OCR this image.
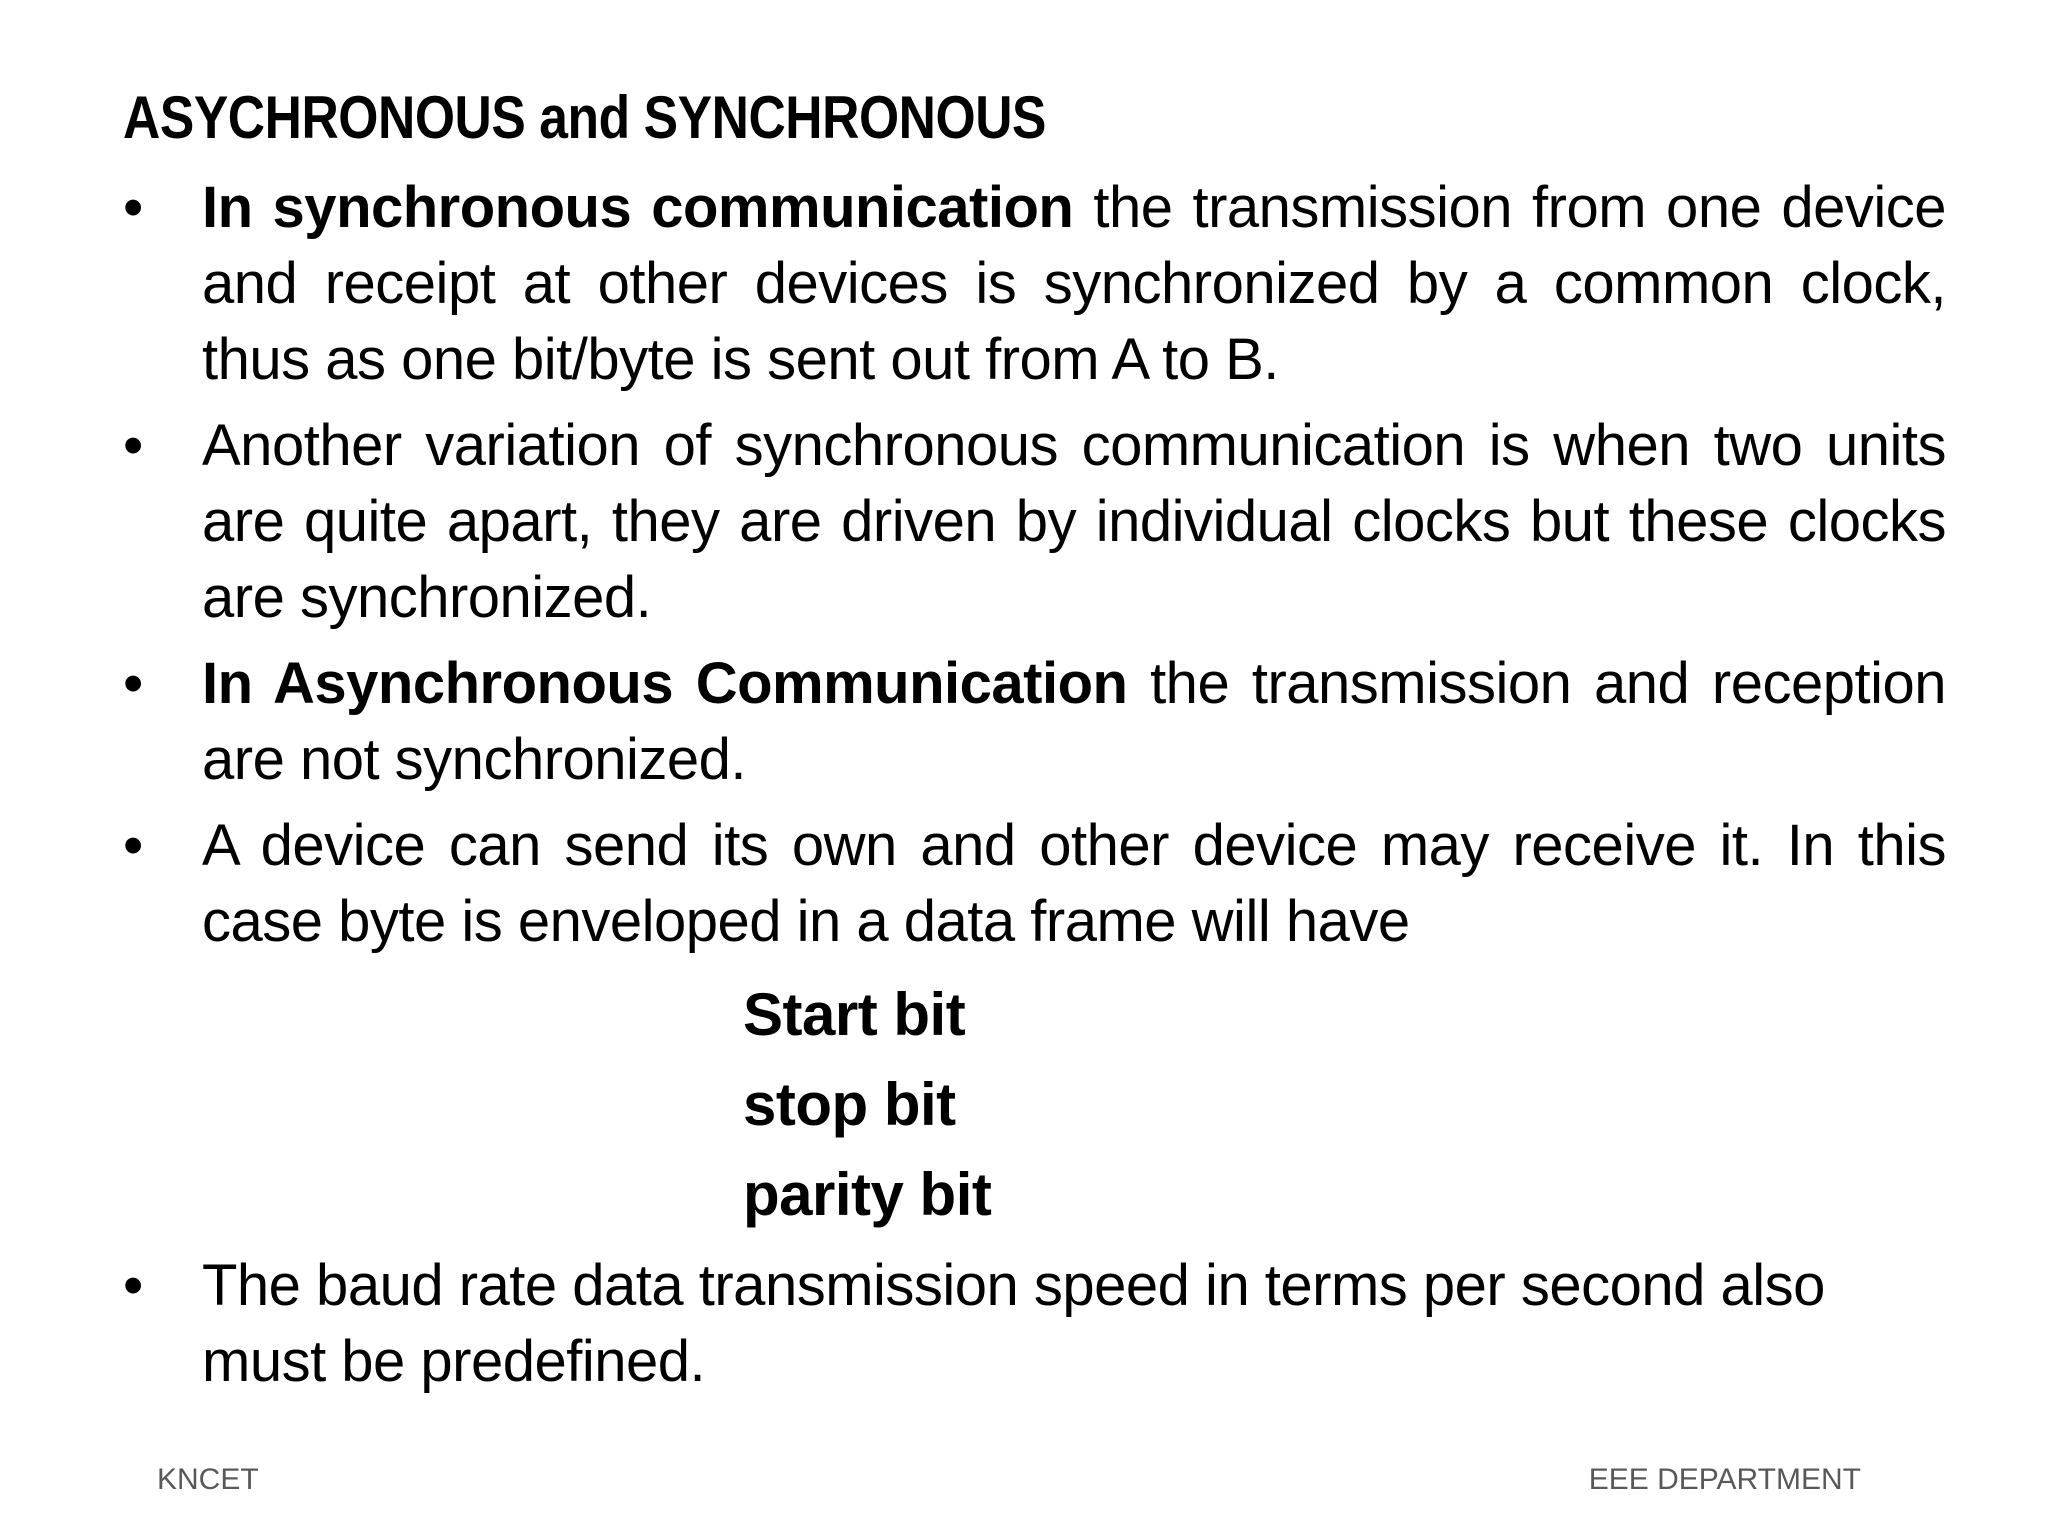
ASYCHRONOUS and SYNCHRONOUS
•	In synchronous communication the transmission from one device and receipt at other devices is synchronized by a common clock, thus as one bit/byte is sent out from A to B.
•	Another variation of synchronous communication is when two units are quite apart, they are driven by individual clocks but these clocks are synchronized.
•	In Asynchronous Communication the transmission and reception are not synchronized.
•	A device can send its own and other device may receive it. In this case byte is enveloped in a data frame will have
Start bit
stop bit
parity bit
•	The baud rate data transmission speed in terms per second also must be predefined.
KNCET	EEE DEPARTMENT
